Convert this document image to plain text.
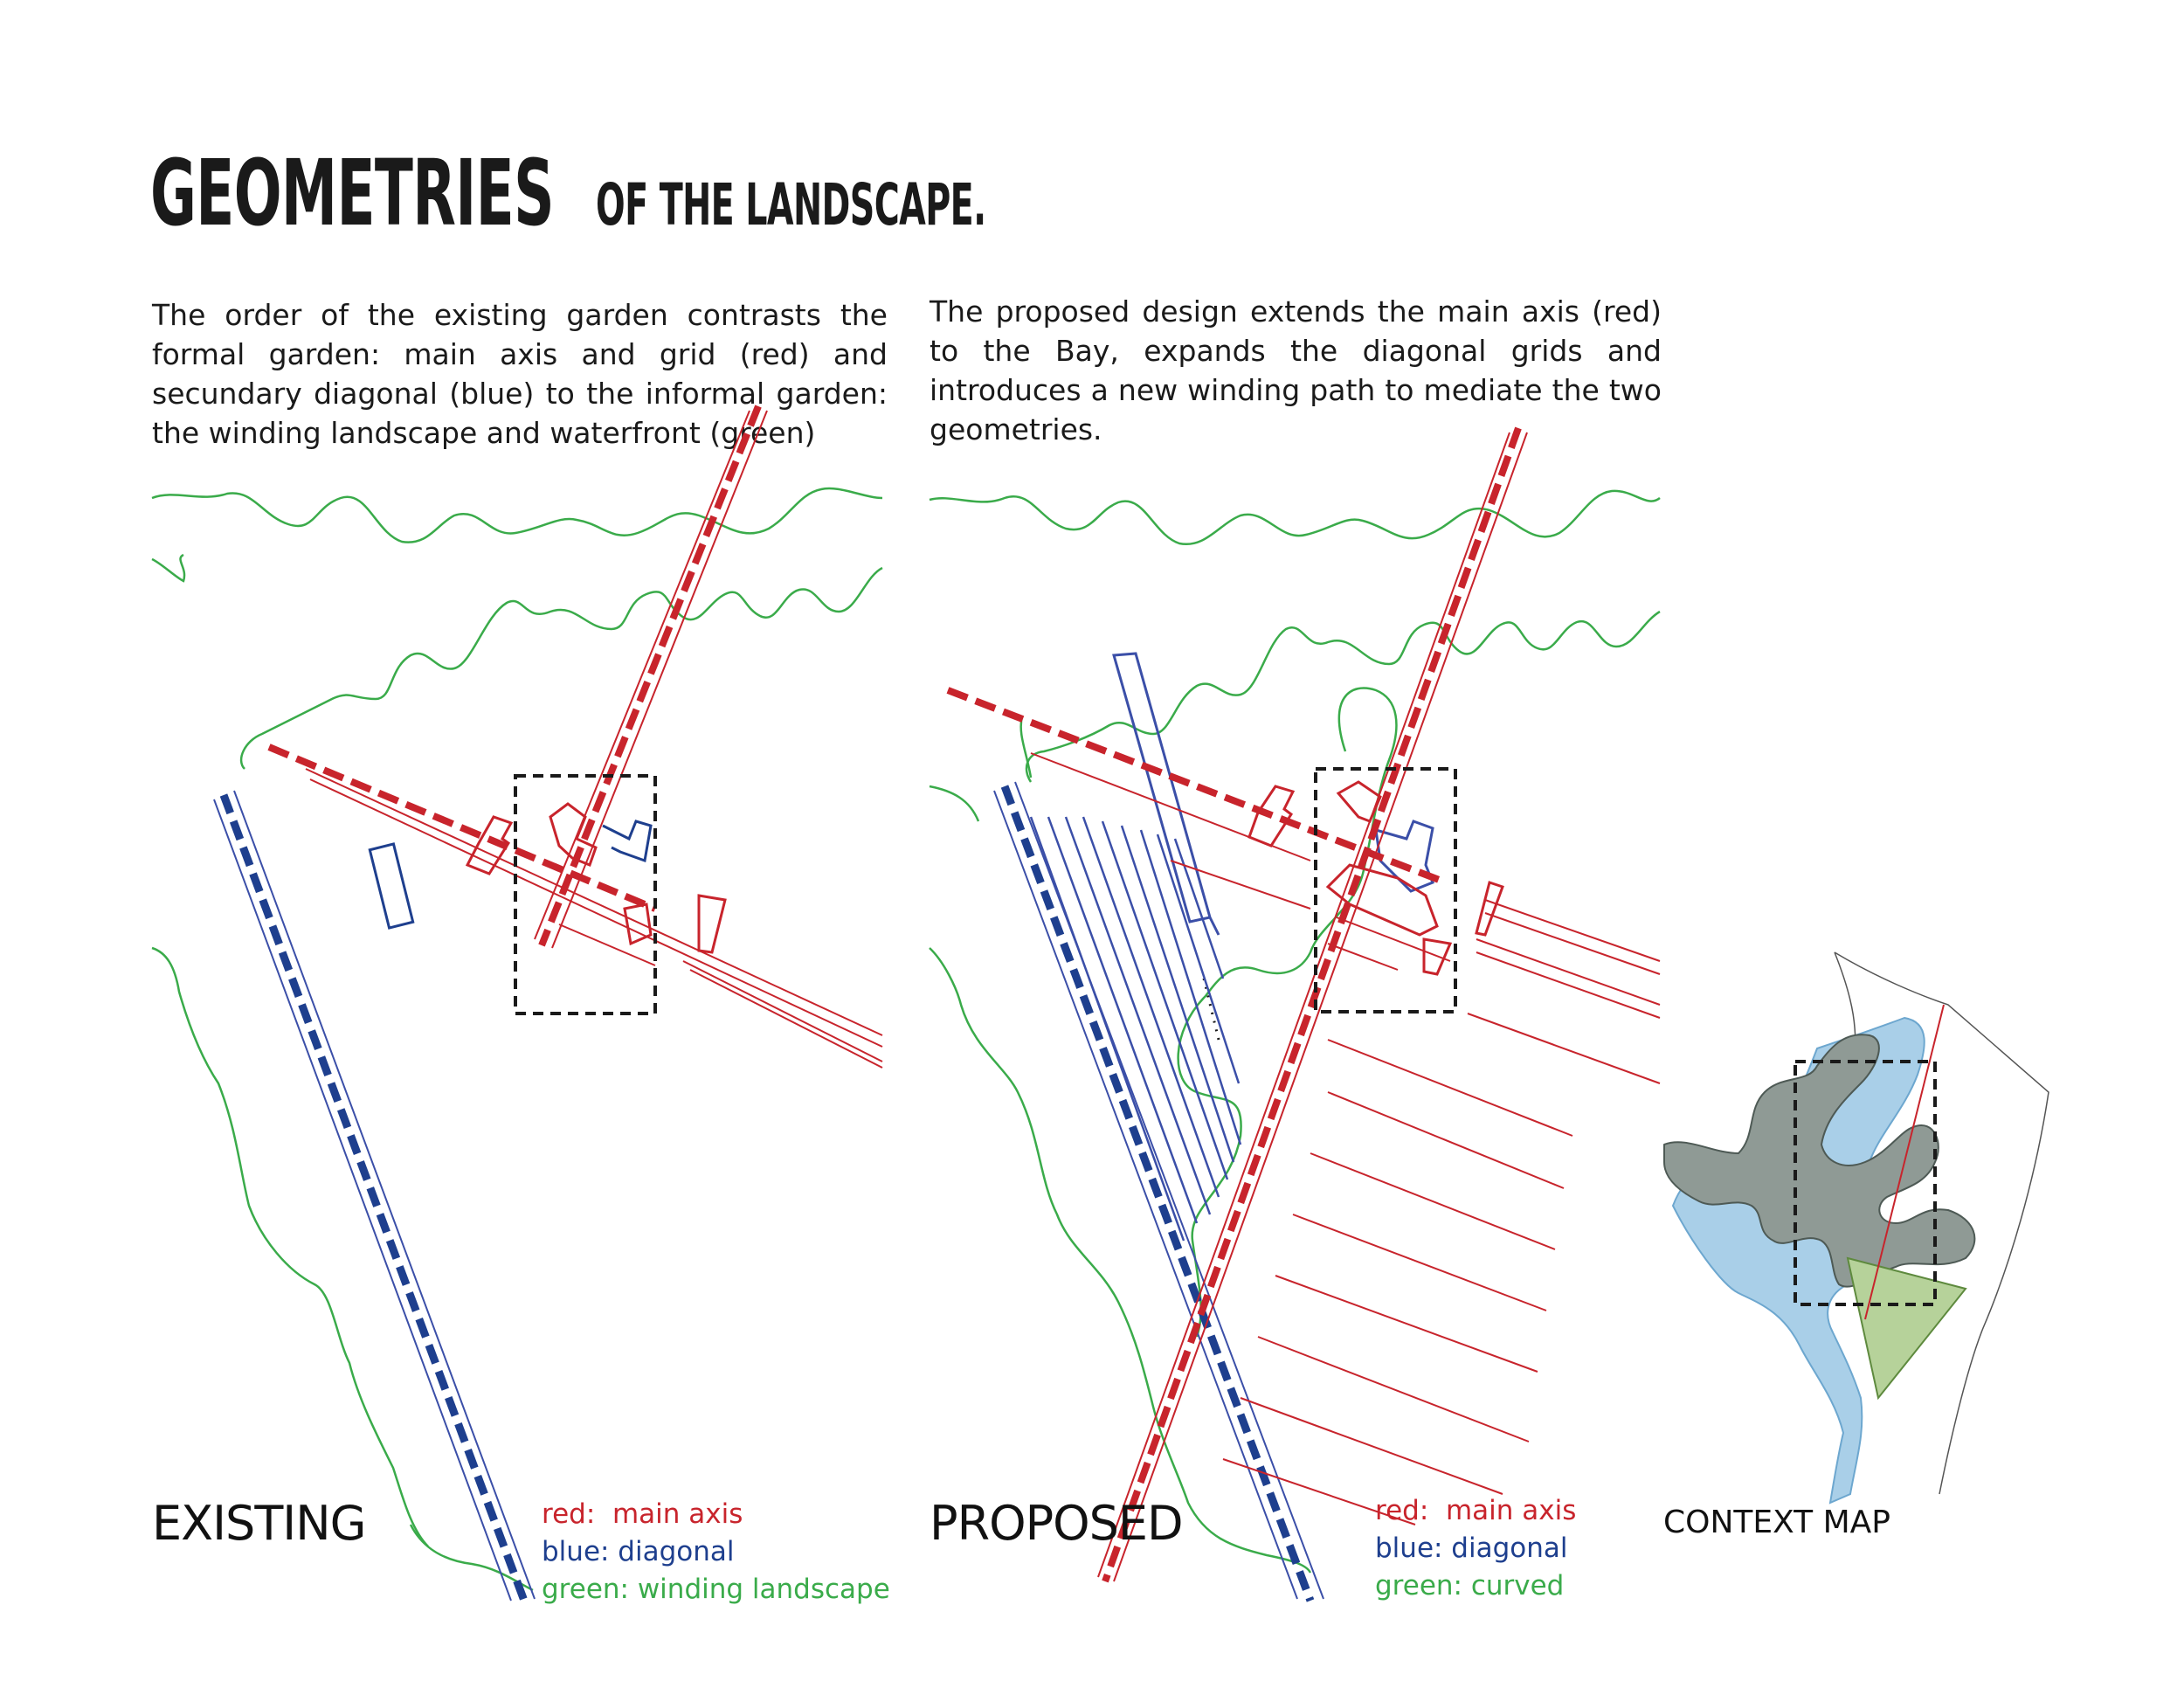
GEOMETRIES OF THE LANDSCAPE.
The order of the existing garden contrasts the formal garden: main axis and grid (red) and secundary diagonal (blue) to the informal garden: the winding landscape and waterfront (green)
The proposed design extends the main axis (red) to the Bay, expands the diagonal grids and introduces a new winding path to mediate the two geometries.
EXISTING	red:  main axis
blue: diagonal
green: winding landscape
PROPOSED	red:  main axis
blue: diagonal
green: curved
CONTEXT MAP
